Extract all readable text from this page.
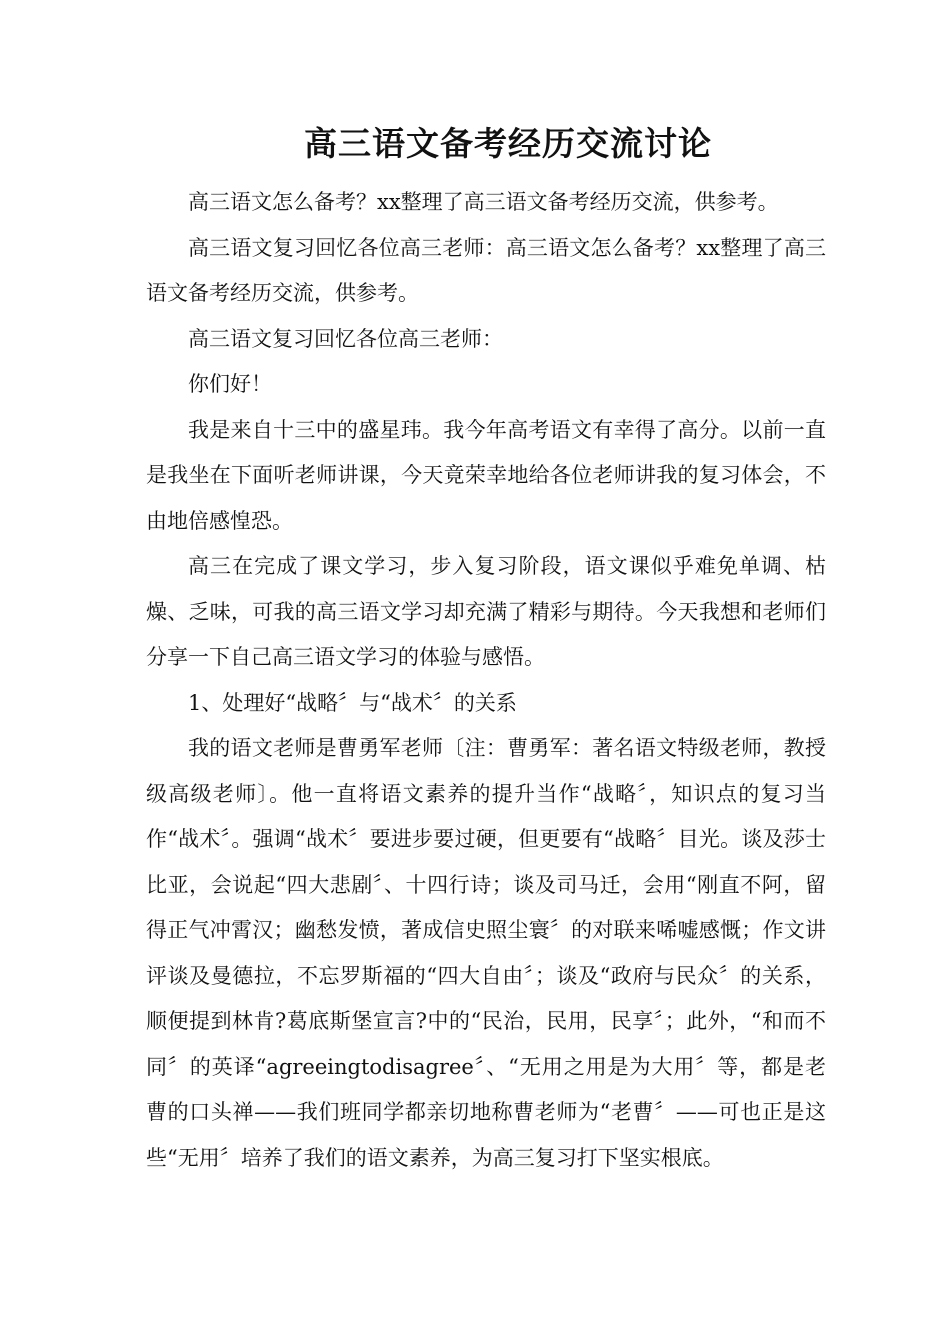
高三语文备考经历交流讨论

高三语文怎么备考？xx整理了高三语文备考经历交流，供参考。

高三语文复习回忆各位高三老师：高三语文怎么备考？xx整理了高三语文备考经历交流，供参考。

高三语文复习回忆各位高三老师：

你们好！

我是来自十三中的盛星玮。我今年高考语文有幸得了高分。以前一直是我坐在下面听老师讲课，今天竟荣幸地给各位老师讲我的复习体会，不由地倍感惶恐。

高三在完成了课文学习，步入复习阶段，语文课似乎难免单调、枯燥、乏味，可我的高三语文学习却充满了精彩与期待。今天我想和老师们分享一下自己高三语文学习的体验与感悟。

1、处理好“战略〞与“战术〞的关系

我的语文老师是曹勇军老师〔注：曹勇军：著名语文特级老师，教授级高级老师〕。他一直将语文素养的提升当作“战略〞，知识点的复习当作“战术〞。强调“战术〞要进步要过硬，但更要有“战略〞目光。谈及莎士比亚，会说起“四大悲剧〞、十四行诗；谈及司马迁，会用“刚直不阿，留得正气冲霄汉；幽愁发愤，著成信史照尘寰〞的对联来唏嘘感慨；作文讲评谈及曼德拉，不忘罗斯福的“四大自由〞；谈及“政府与民众〞的关系，顺便提到林肯?葛底斯堡宣言?中的“民治，民用，民享〞；此外，“和而不同〞的英译“agreeingtodisagree〞、“无用之用是为大用〞等，都是老曹的口头禅——我们班同学都亲切地称曹老师为“老曹〞——可也正是这些“无用〞培养了我们的语文素养，为高三复习打下坚实根底。
